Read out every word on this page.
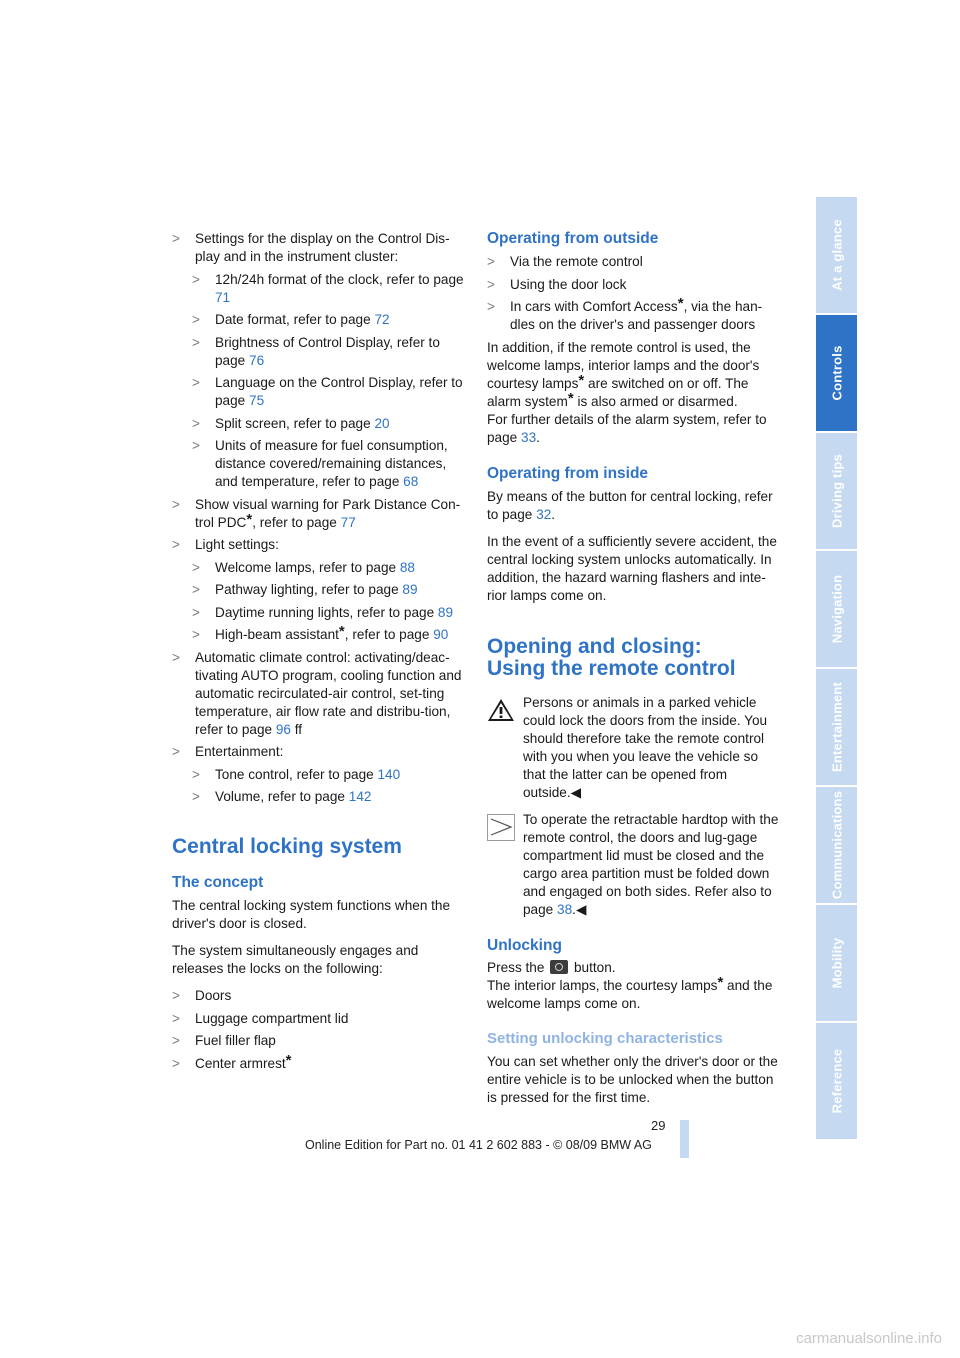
> Settings for the display on the Control Dis-play and in the instrument cluster:
> 12h/24h format of the clock, refer to page 71
> Date format, refer to page 72
> Brightness of Control Display, refer to page 76
> Language on the Control Display, refer to page 75
> Split screen, refer to page 20
> Units of measure for fuel consumption, distance covered/remaining distances, and temperature, refer to page 68
> Show visual warning for Park Distance Con-trol PDC*, refer to page 77
> Light settings:
> Welcome lamps, refer to page 88
> Pathway lighting, refer to page 89
> Daytime running lights, refer to page 89
> High-beam assistant*, refer to page 90
> Automatic climate control: activating/deac-tivating AUTO program, cooling function and automatic recirculated-air control, set-ting temperature, air flow rate and distribu-tion, refer to page 96 ff
> Entertainment:
> Tone control, refer to page 140
> Volume, refer to page 142
Central locking system
The concept

The central locking system functions when the driver's door is closed.

The system simultaneously engages and releases the locks on the following:

> Doors
> Luggage compartment lid
> Fuel filler flap
> Center armrest*
Operating from outside
> Via the remote control
> Using the door lock
> In cars with Comfort Access*, via the han-dles on the driver's and passenger doors

In addition, if the remote control is used, the welcome lamps, interior lamps and the door's courtesy lamps* are switched on or off. The alarm system* is also armed or disarmed.

For further details of the alarm system, refer to page 33.

Operating from inside

By means of the button for central locking, refer to page 32.

In the event of a sufficiently severe accident, the central locking system unlocks automatically. In addition, the hazard warning flashers and inte-rior lamps come on.

Opening and closing:
Using the remote control

Persons or animals in a parked vehicle could lock the doors from the inside. You should therefore take the remote control with you when you leave the vehicle so that the latter can be opened from outside.◀

To operate the retractable hardtop with the remote control, the doors and lug-gage compartment lid must be closed and the cargo area partition must be folded down and engaged on both sides. Refer also to page 38.◀

Unlocking

Press the  button.

The interior lamps, the courtesy lamps* and the welcome lamps come on.

Setting unlocking characteristics

You can set whether only the driver's door or the entire vehicle is to be unlocked when the button is pressed for the first time.

At a glance
Controls
Driving tips
Navigation
Entertainment
Communications
Mobility
Reference
29
Online Edition for Part no. 01 41 2 602 883 - © 08/09 BMW AG
carmanualsonline.info
